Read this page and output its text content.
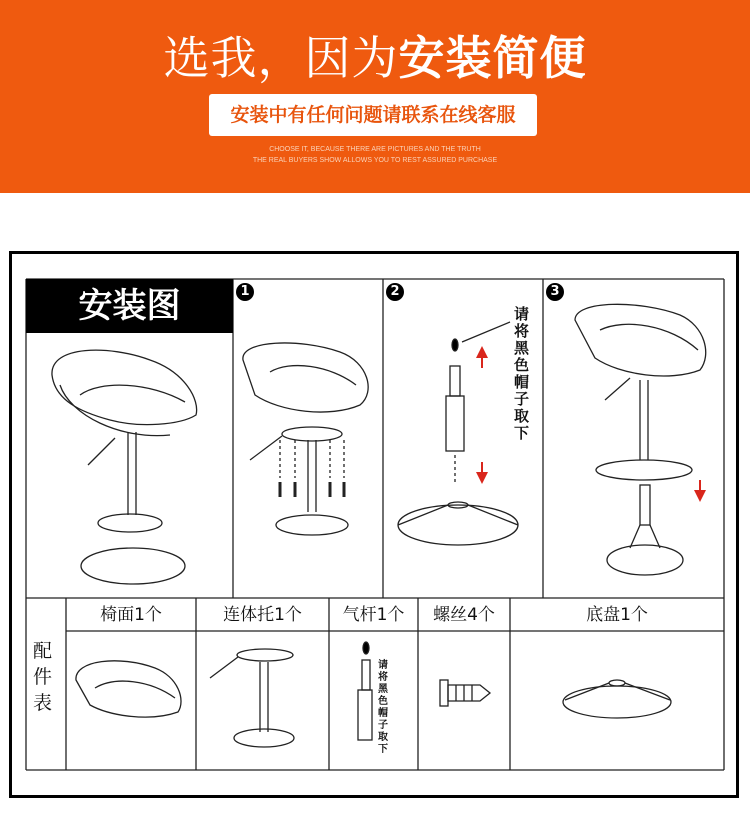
选我，因为安装简便
安装中有任何问题请联系在线客服
CHOOSE IT, BECAUSE THERE ARE PICTURES AND THE TRUTH
THE REAL BUYERS SHOW ALLOWS YOU TO REST ASSURED PURCHASE
安装图	1	2	3
请将黑色帽子取下
配件表
椅面1个	连体托1个	气杆1个	螺丝4个	底盘1个
请将黑色帽子取下
